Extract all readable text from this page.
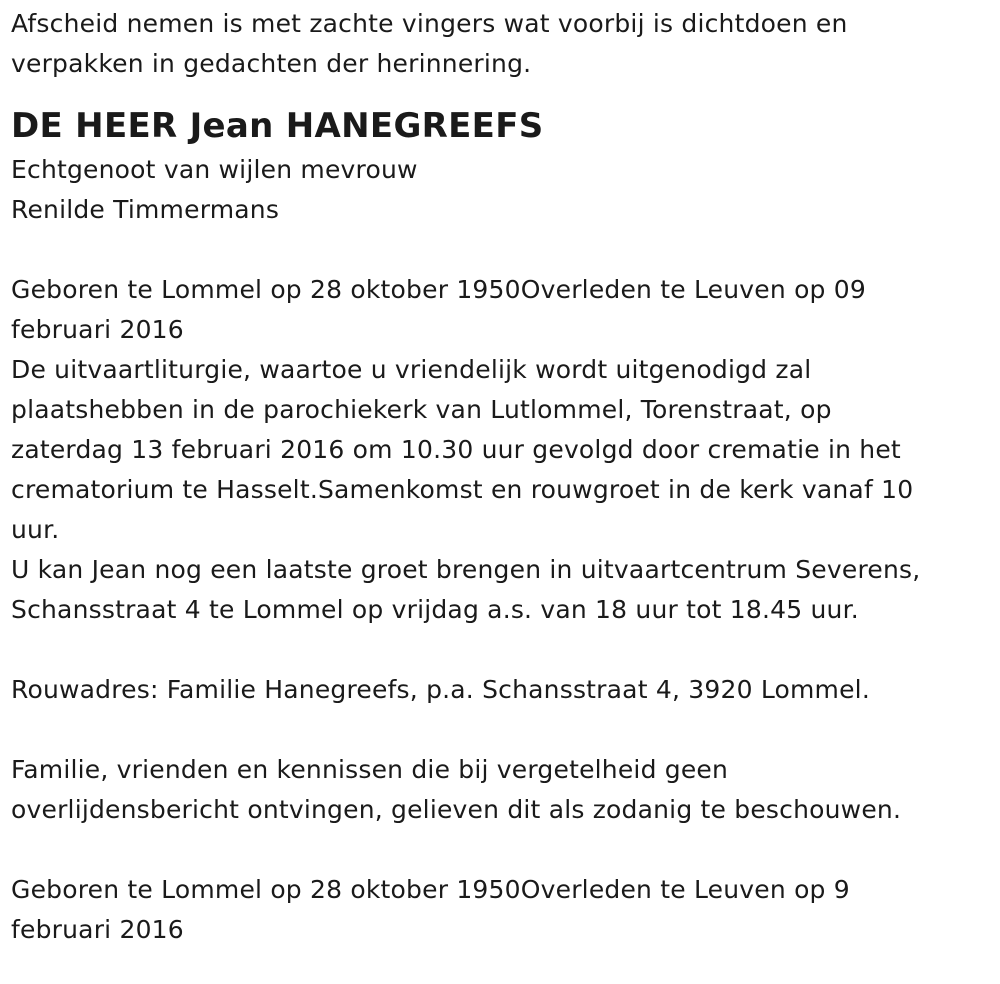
Afscheid nemen is met zachte vingers wat voorbij is dichtdoen en

verpakken in gedachten der herinnering.

DE HEER Jean HANEGREEFS

Echtgenoot van wijlen mevrouw

Renilde Timmermans

Geboren te Lommel op 28 oktober 1950Overleden te Leuven op 09

februari 2016

De uitvaartliturgie, waartoe u vriendelijk wordt uitgenodigd zal

plaatshebben in de parochiekerk van Lutlommel, Torenstraat, op

zaterdag 13 februari 2016 om 10.30 uur gevolgd door crematie in het

crematorium te Hasselt.Samenkomst en rouwgroet in de kerk vanaf 10

uur.

U kan Jean nog een laatste groet brengen in uitvaartcentrum Severens,

Schansstraat 4 te Lommel op vrijdag a.s. van 18 uur tot 18.45 uur.

Rouwadres: Familie Hanegreefs, p.a. Schansstraat 4, 3920 Lommel.

Familie, vrienden en kennissen die bij vergetelheid geen

overlijdensbericht ontvingen, gelieven dit als zodanig te beschouwen.

Geboren te Lommel op 28 oktober 1950Overleden te Leuven op 9

februari 2016
